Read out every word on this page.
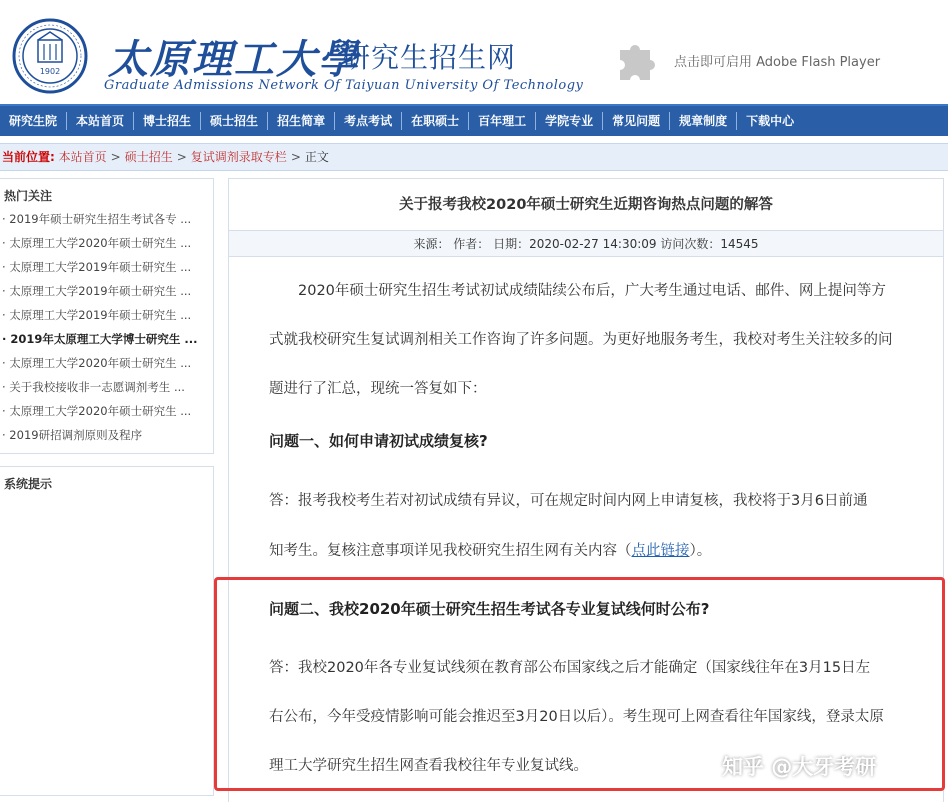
1902 太原理工大學
研究生招生网
Graduate Admissions Network Of Taiyuan University Of Technology
点击即可启用 Adobe Flash Player
研究生院	本站首页	博士招生	硕士招生	招生简章	考点考试	在职硕士	百年理工	学院专业	常见问题	规章制度	下载中心
当前位置: 本站首页 > 硕士招生 > 复试调剂录取专栏 > 正文
热门关注
· 2019年硕士研究生招生考试各专 ...
· 太原理工大学2020年硕士研究生 ...
· 太原理工大学2019年硕士研究生 ...
· 太原理工大学2019年硕士研究生 ...
· 太原理工大学2019年硕士研究生 ...
· 2019年太原理工大学博士研究生 ...
· 太原理工大学2020年硕士研究生 ...
· 关于我校接收非一志愿调剂考生 ...
· 太原理工大学2020年硕士研究生 ...
· 2019研招调剂原则及程序
系统提示
关于报考我校2020年硕士研究生近期咨询热点问题的解答
来源： 作者： 日期：2020-02-27 14:30:09 访问次数：14545
2020年硕士研究生招生考试初试成绩陆续公布后，广大考生通过电话、邮件、网上提问等方
式就我校研究生复试调剂相关工作咨询了许多问题。为更好地服务考生，我校对考生关注较多的问
题进行了汇总，现统一答复如下：
问题一、如何申请初试成绩复核?
答：报考我校考生若对初试成绩有异议，可在规定时间内网上申请复核，我校将于3月6日前通
知考生。复核注意事项详见我校研究生招生网有关内容（点此链接）。
问题二、我校2020年硕士研究生招生考试各专业复试线何时公布?
答：我校2020年各专业复试线须在教育部公布国家线之后才能确定（国家线往年在3月15日左
右公布，今年受疫情影响可能会推迟至3月20日以后）。考生现可上网查看往年国家线，登录太原
理工大学研究生招生网查看我校往年专业复试线。	知乎 @大牙考研
